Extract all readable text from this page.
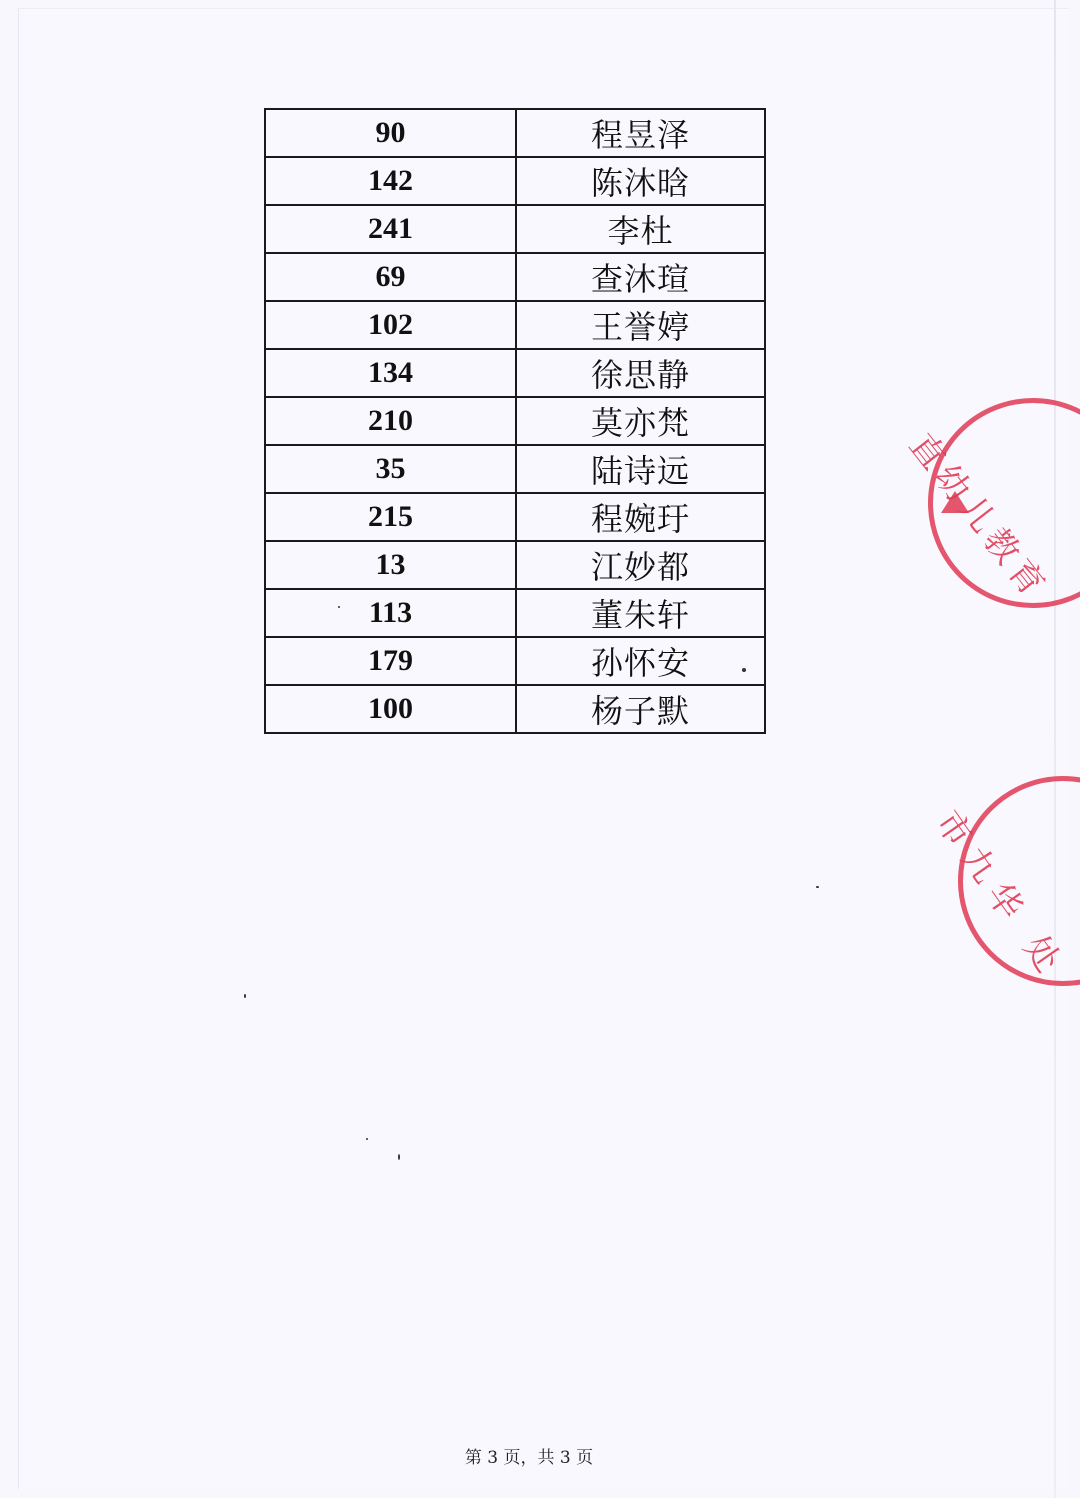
90	程昱泽
142	陈沐晗
241	李杜
69	查沐瑄
102	王誉婷
134	徐思静
210	莫亦梵
35	陆诗远
215	程婉玗
13	江妙都
113	董朱轩
179	孙怀安
100	杨子默
直幼儿教育
市九华 处
第 3 页，共 3 页
